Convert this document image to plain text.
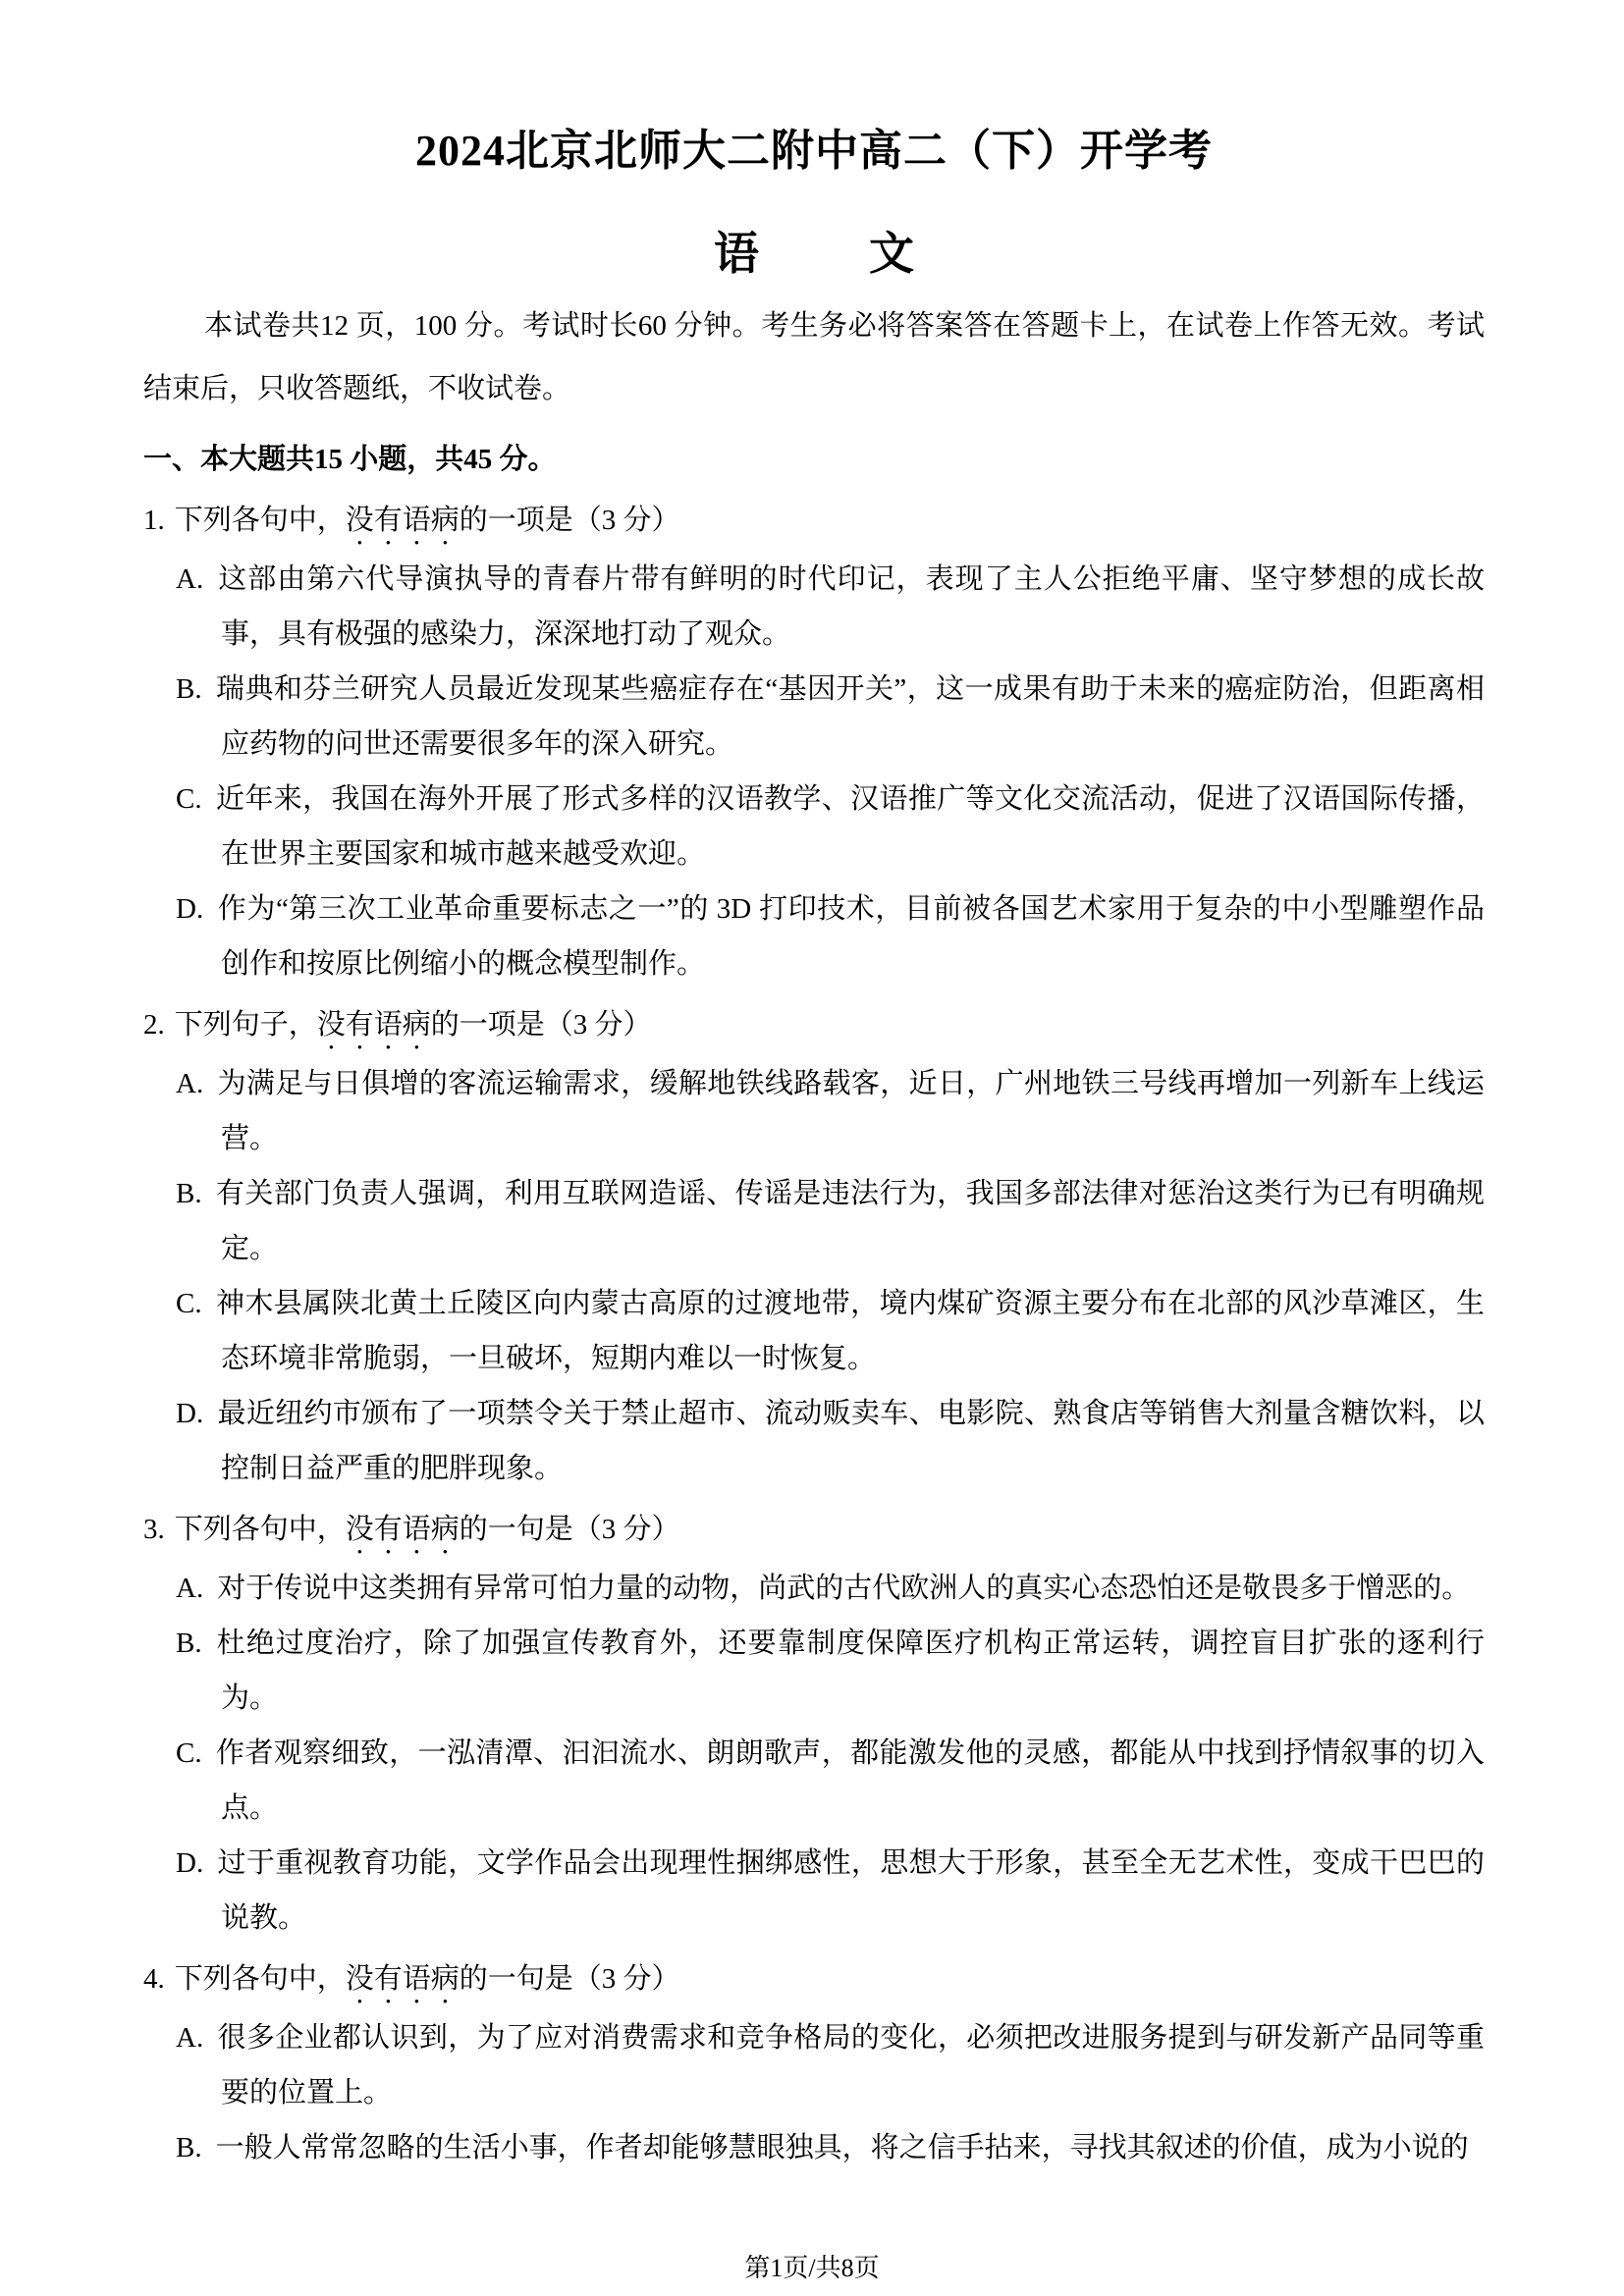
2024北京北师大二附中高二（下）开学考
语 文

本试卷共12 页，100 分。考试时长60 分钟。考生务必将答案答在答题卡上，在试卷上作答无效。考试结束后，只收答题纸，不收试卷。

一、本大题共15 小题，共45 分。

1. 下列各句中，没有语病的一项是（3 分）

A. 这部由第六代导演执导的青春片带有鲜明的时代印记，表现了主人公拒绝平庸、坚守梦想的成长故事，具有极强的感染力，深深地打动了观众。

B. 瑞典和芬兰研究人员最近发现某些癌症存在“基因开关”，这一成果有助于未来的癌症防治，但距离相应药物的问世还需要很多年的深入研究。

C. 近年来，我国在海外开展了形式多样的汉语教学、汉语推广等文化交流活动，促进了汉语国际传播，在世界主要国家和城市越来越受欢迎。

D. 作为“第三次工业革命重要标志之一”的 3D 打印技术，目前被各国艺术家用于复杂的中小型雕塑作品创作和按原比例缩小的概念模型制作。

2. 下列句子，没有语病的一项是（3 分）

A. 为满足与日俱增的客流运输需求，缓解地铁线路载客，近日，广州地铁三号线再增加一列新车上线运营。

B. 有关部门负责人强调，利用互联网造谣、传谣是违法行为，我国多部法律对惩治这类行为已有明确规定。

C. 神木县属陕北黄土丘陵区向内蒙古高原的过渡地带，境内煤矿资源主要分布在北部的风沙草滩区，生态环境非常脆弱，一旦破坏，短期内难以一时恢复。

D. 最近纽约市颁布了一项禁令关于禁止超市、流动贩卖车、电影院、熟食店等销售大剂量含糖饮料，以控制日益严重的肥胖现象。

3. 下列各句中，没有语病的一句是（3 分）

A. 对于传说中这类拥有异常可怕力量的动物，尚武的古代欧洲人的真实心态恐怕还是敬畏多于憎恶的。

B. 杜绝过度治疗，除了加强宣传教育外，还要靠制度保障医疗机构正常运转，调控盲目扩张的逐利行为。

C. 作者观察细致，一泓清潭、汩汩流水、朗朗歌声，都能激发他的灵感，都能从中找到抒情叙事的切入点。

D. 过于重视教育功能，文学作品会出现理性捆绑感性，思想大于形象，甚至全无艺术性，变成干巴巴的说教。

4. 下列各句中，没有语病的一句是（3 分）

A. 很多企业都认识到，为了应对消费需求和竞争格局的变化，必须把改进服务提到与研发新产品同等重要的位置上。

B. 一般人常常忽略的生活小事，作者却能够慧眼独具，将之信手拈来，寻找其叙述的价值，成为小说的

第1页/共8页
